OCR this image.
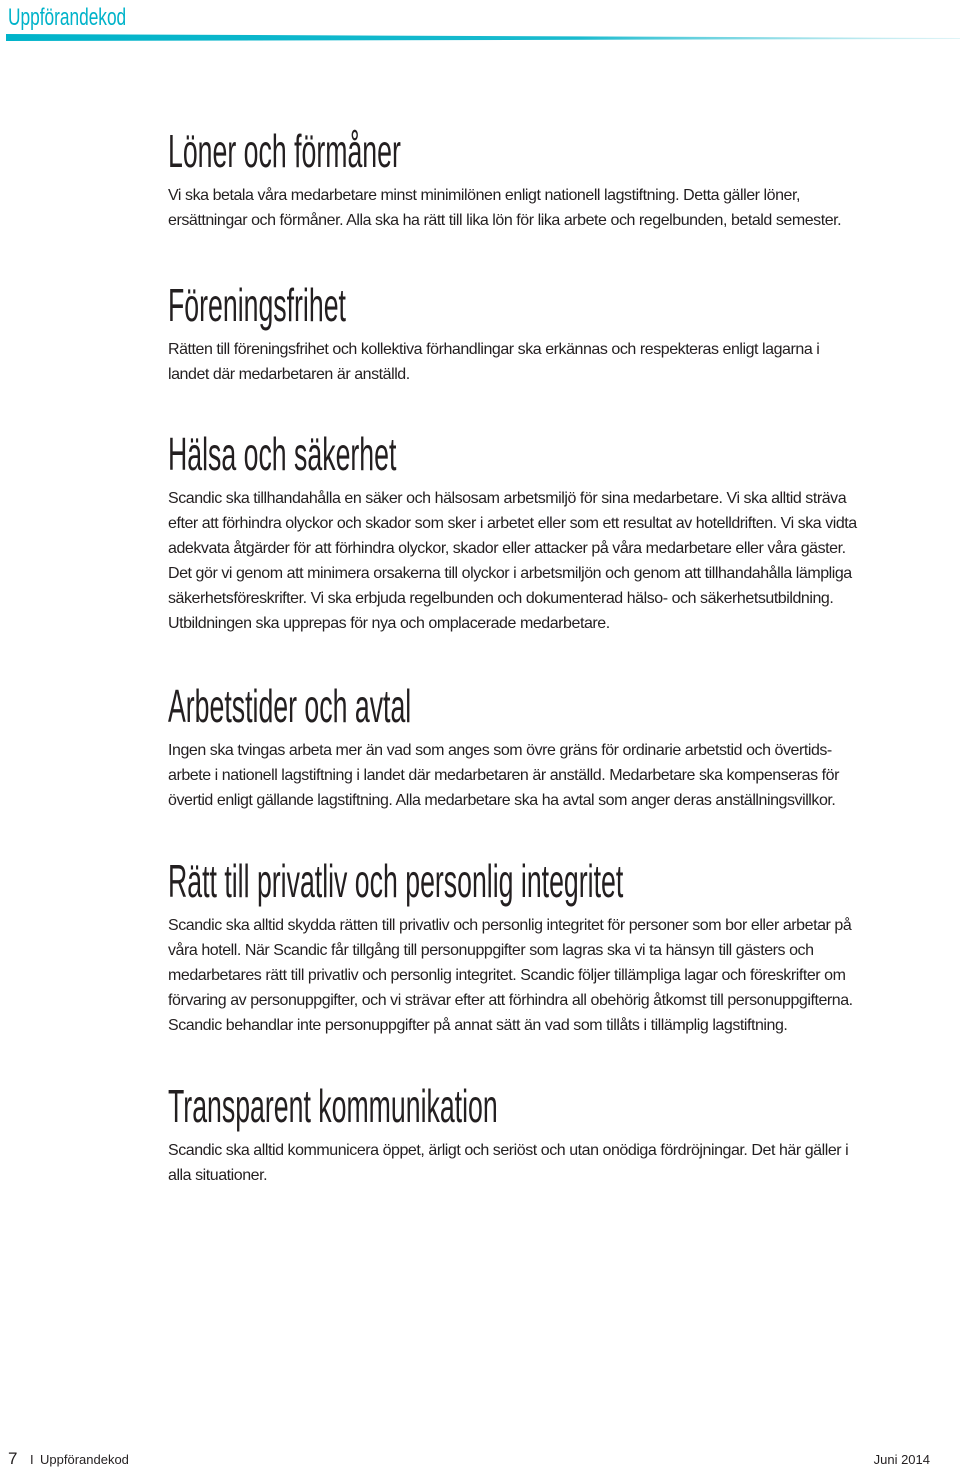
Uppförandekod
Löner och förmåner

Vi ska betala våra medarbetare minst minimilönen enligt nationell lagstiftning. Detta gäller löner,

ersättningar och förmåner. Alla ska ha rätt till lika lön för lika arbete och regelbunden, betald semester.

Föreningsfrihet

Rätten till föreningsfrihet och kollektiva förhandlingar ska erkännas och respekteras enligt lagarna i

landet där medarbetaren är anställd.

Hälsa och säkerhet

Scandic ska tillhandahålla en säker och hälsosam arbetsmiljö för sina medarbetare. Vi ska alltid sträva

efter att förhindra olyckor och skador som sker i arbetet eller som ett resultat av hotelldriften. Vi ska vidta

adekvata åtgärder för att förhindra olyckor, skador eller attacker på våra medarbetare eller våra gäster.

Det gör vi genom att minimera orsakerna till olyckor i arbetsmiljön och genom att tillhandahålla lämpliga

säkerhetsföreskrifter. Vi ska erbjuda regelbunden och dokumenterad hälso- och säkerhetsutbildning.

Utbildningen ska upprepas för nya och omplacerade medarbetare.

Arbetstider och avtal

Ingen ska tvingas arbeta mer än vad som anges som övre gräns för ordinarie arbetstid och övertids-

arbete i nationell lagstiftning i landet där medarbetaren är anställd. Medarbetare ska kompenseras för

övertid enligt gällande lagstiftning. Alla medarbetare ska ha avtal som anger deras anställningsvillkor.

Rätt till privatliv och personlig integritet

Scandic ska alltid skydda rätten till privatliv och personlig integritet för personer som bor eller arbetar på

våra hotell. När Scandic får tillgång till personuppgifter som lagras ska vi ta hänsyn till gästers och

medarbetares rätt till privatliv och personlig integritet. Scandic följer tillämpliga lagar och föreskrifter om

förvaring av personuppgifter, och vi strävar efter att förhindra all obehörig åtkomst till personuppgifterna.

Scandic behandlar inte personuppgifter på annat sätt än vad som tillåts i tillämplig lagstiftning.

Transparent kommunikation

Scandic ska alltid kommunicera öppet, ärligt och seriöst och utan onödiga fördröjningar. Det här gäller i

alla situationer.

7 I Uppförandekod	Juni 2014
